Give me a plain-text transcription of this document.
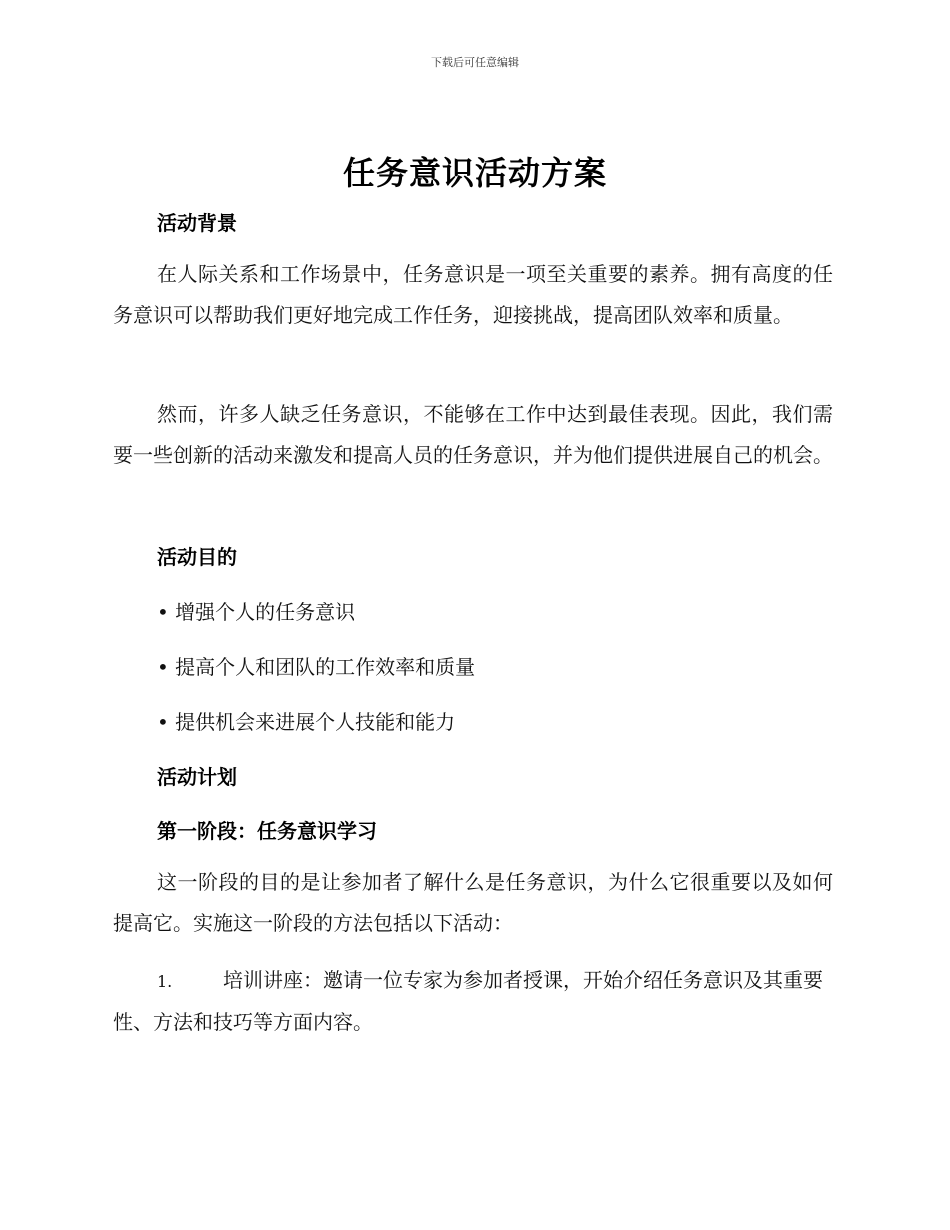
下载后可任意编辑
任务意识活动方案
活动背景
在人际关系和工作场景中，任务意识是一项至关重要的素养。拥有高度的任务意识可以帮助我们更好地完成工作任务，迎接挑战，提高团队效率和质量。
然而，许多人缺乏任务意识，不能够在工作中达到最佳表现。因此，我们需要一些创新的活动来激发和提高人员的任务意识，并为他们提供进展自己的机会。
活动目的
• 增强个人的任务意识
• 提高个人和团队的工作效率和质量
• 提供机会来进展个人技能和能力
活动计划
第一阶段：任务意识学习
这一阶段的目的是让参加者了解什么是任务意识，为什么它很重要以及如何提高它。实施这一阶段的方法包括以下活动：
1.	培训讲座：邀请一位专家为参加者授课，开始介绍任务意识及其重要性、方法和技巧等方面内容。
